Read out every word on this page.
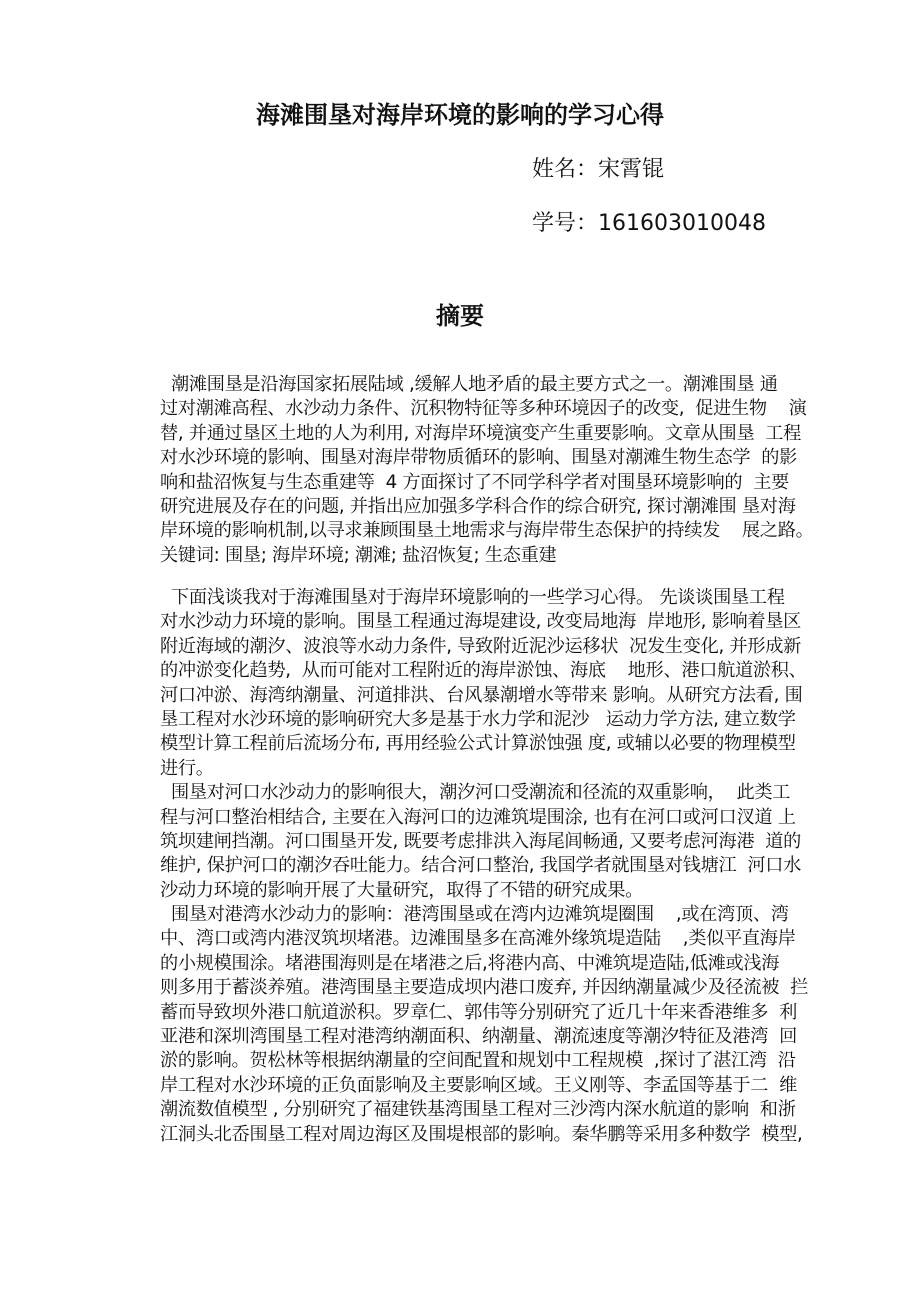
海滩围垦对海岸环境的影响的学习心得
姓名：宋霄锟
学号：161603010048
摘要
潮滩围垦是沿海国家拓展陆域 ,缓解人地矛盾的最主要方式之一。潮滩围垦 通
过对潮滩高程、水沙动力条件、沉积物特征等多种环境因子的改变,  促进生物    演
替, 并通过垦区土地的人为利用, 对海岸环境演变产生重要影响。文章从围垦  工程
对水沙环境的影响、围垦对海岸带物质循环的影响、围垦对潮滩生物生态学  的影
响和盐沼恢复与生态重建等  4 方面探讨了不同学科学者对围垦环境影响的  主要
研究进展及存在的问题, 并指出应加强多学科合作的综合研究, 探讨潮滩围 垦对海
岸环境的影响机制,以寻求兼顾围垦土地需求与海岸带生态保护的持续发    展之路。
关键词: 围垦; 海岸环境; 潮滩; 盐沼恢复; 生态重建
下面浅谈我对于海滩围垦对于海岸环境影响的一些学习心得。 先谈谈围垦工程
对水沙动力环境的影响。围垦工程通过海堤建设, 改变局地海  岸地形, 影响着垦区
附近海域的潮汐、波浪等水动力条件, 导致附近泥沙运移状  况发生变化, 并形成新
的冲淤变化趋势,  从而可能对工程附近的海岸淤蚀、海底    地形、港口航道淤积、
河口冲淤、海湾纳潮量、河道排洪、台风暴潮增水等带来 影响。从研究方法看, 围
垦工程对水沙环境的影响研究大多是基于水力学和泥沙   运动力学方法, 建立数学
模型计算工程前后流场分布, 再用经验公式计算淤蚀强 度, 或辅以必要的物理模型
进行。
围垦对河口水沙动力的影响很大，潮汐河口受潮流和径流的双重影响，  此类工
程与河口整治相结合, 主要在入海河口的边滩筑堤围涂, 也有在河口或河口汊道 上
筑坝建闸挡潮。河口围垦开发, 既要考虑排洪入海尾闾畅通, 又要考虑河海港  道的
维护, 保护河口的潮汐吞吐能力。结合河口整治, 我国学者就围垦对钱塘江  河口水
沙动力环境的影响开展了大量研究，取得了不错的研究成果。
围垦对港湾水沙动力的影响：港湾围垦或在湾内边滩筑堤圈围    ,或在湾顶、湾
中、湾口或湾内港汊筑坝堵港。边滩围垦多在高滩外缘筑堤造陆    ,类似平直海岸
的小规模围涂。堵港围海则是在堵港之后,将港内高、中滩筑堤造陆,低滩或浅海
则多用于蓄淡养殖。港湾围垦主要造成坝内港口废弃, 并因纳潮量减少及径流被  拦
蓄而导致坝外港口航道淤积。罗章仁、郭伟等分别研究了近几十年来香港维多  利
亚港和深圳湾围垦工程对港湾纳潮面积、纳潮量、潮流速度等潮汐特征及港湾  回
淤的影响。贺松林等根据纳潮量的空间配置和规划中工程规模  ,探讨了湛江湾  沿
岸工程对水沙环境的正负面影响及主要影响区域。王义刚等、李孟国等基于二  维
潮流数值模型 , 分别研究了福建铁基湾围垦工程对三沙湾内深水航道的影响  和浙
江洞头北岙围垦工程对周边海区及围堤根部的影响。秦华鹏等采用多种数学  模型,
